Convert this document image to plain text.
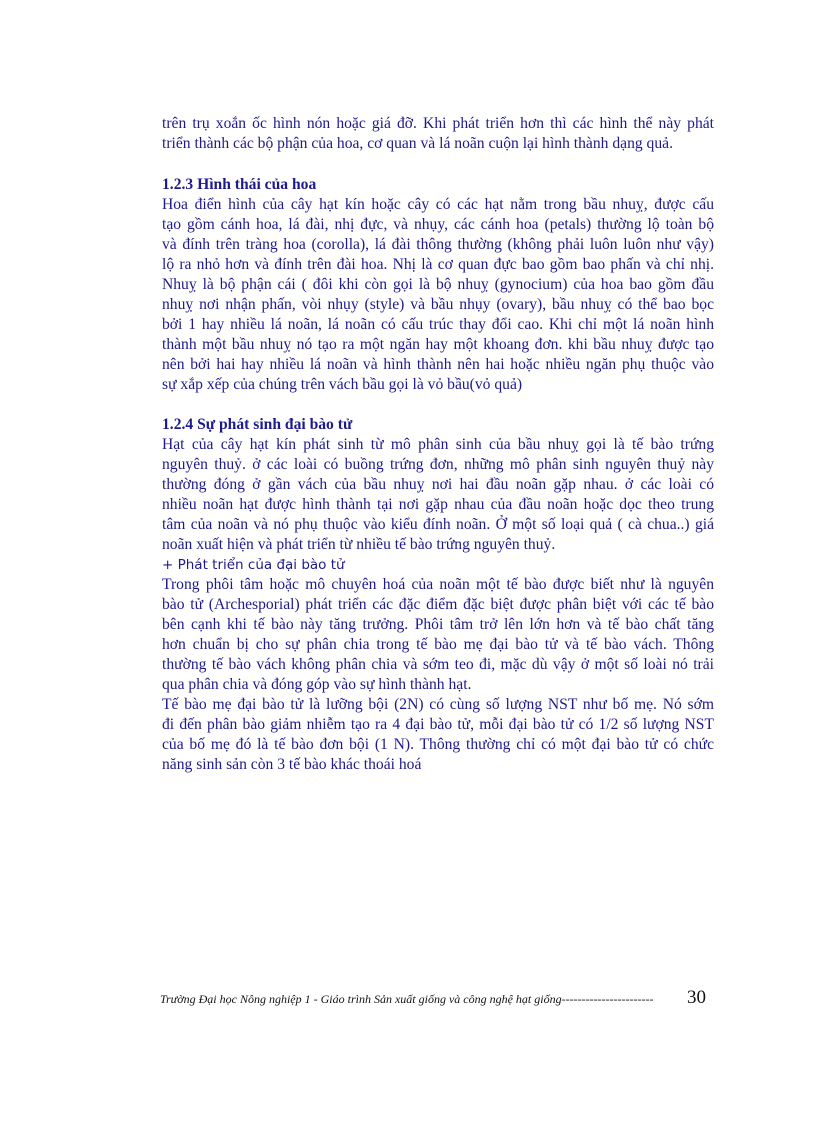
trên trụ xoắn ốc hình nón hoặc giá đỡ. Khi phát triển hơn thì các hình thể này phát
triển thành các bộ phận của hoa, cơ quan và lá noãn cuộn lại hình thành dạng quả.
1.2.3 Hình thái của hoa
Hoa điển hình của cây hạt kín hoặc cây có các hạt nằm trong bầu nhuỵ, được cấu
tạo gồm cánh hoa, lá đài, nhị đực, và nhụy, các cánh hoa (petals) thường lộ toàn bộ
và đính trên tràng hoa (corolla), lá đài thông thường (không phải luôn luôn như vậy)
lộ ra nhỏ hơn và đính trên đài hoa. Nhị là cơ quan đực bao gồm bao phấn và chỉ nhị.
Nhuỵ là bộ phận cái ( đôi khi còn gọi là bộ nhuỵ (gynocium) của hoa bao gồm đầu
nhuỵ nơi nhận phấn, vòi nhụy (style) và bầu nhụy (ovary), bầu nhuỵ có thể bao bọc
bởi 1 hay nhiều lá noãn, lá noãn có cấu trúc thay đổi cao. Khi chỉ một lá noãn hình
thành một bầu nhuỵ nó tạo ra một ngăn hay một khoang đơn. khi bầu nhuỵ được tạo
nên bởi hai hay nhiều lá noãn và hình thành nên hai hoặc nhiều ngăn phụ thuộc vào
sự xắp xếp của chúng trên vách bầu gọi là vỏ bầu(vỏ quả)
1.2.4 Sự phát sinh đại bào tử
Hạt của cây hạt kín phát sinh từ mô phân sinh của bầu nhuỵ gọi là tế bào trứng
nguyên thuỷ. ở các loài có buồng trứng đơn, những mô phân sinh nguyên thuỷ này
thường đóng ở gần vách của bầu nhuỵ nơi hai đầu noãn gặp nhau. ở các loài có
nhiều noãn hạt được hình thành tại nơi gặp nhau của đầu noãn hoặc dọc theo trung
tâm của noãn và nó phụ thuộc vào kiểu đính noãn. Ở một số loại quả ( cà chua..) giá
noãn xuất hiện và phát triển từ nhiều tế bào trứng nguyên thuỷ.
+ Phát triển của đại bào tử
Trong phôi tâm hoặc mô chuyên hoá của noãn một tế bào được biết như là nguyên
bào tử (Archesporial) phát triển các đặc điểm đặc biệt được phân biệt với các tế bào
bên cạnh khi tế bào này tăng trưởng. Phôi tâm trở lên lớn hơn và tế bào chất tăng
hơn chuẩn bị cho sự phân chia trong tế bào mẹ đại bào tử và tế bào vách. Thông
thường tế bào vách không phân chia và sớm teo đi, mặc dù vậy ở một số loài nó trải
qua phân chia và đóng góp vào sự hình thành hạt.
Tế bào mẹ đại bào tử là lưỡng bội (2N) có cùng số lượng NST như bố mẹ. Nó sớm
đi đến phân bào giảm nhiễm tạo ra 4 đại bào tử, mỗi đại bào tử có 1/2 số lượng NST
của bố mẹ đó là tế bào đơn bội (1 N). Thông thường chỉ có một đại bào tử có chức
năng sinh sản còn 3 tế bào khác thoái hoá
Trường Đại học Nông nghiệp 1 - Giáo trình Sản xuất giống và công nghệ hạt giống----------------------- 30
